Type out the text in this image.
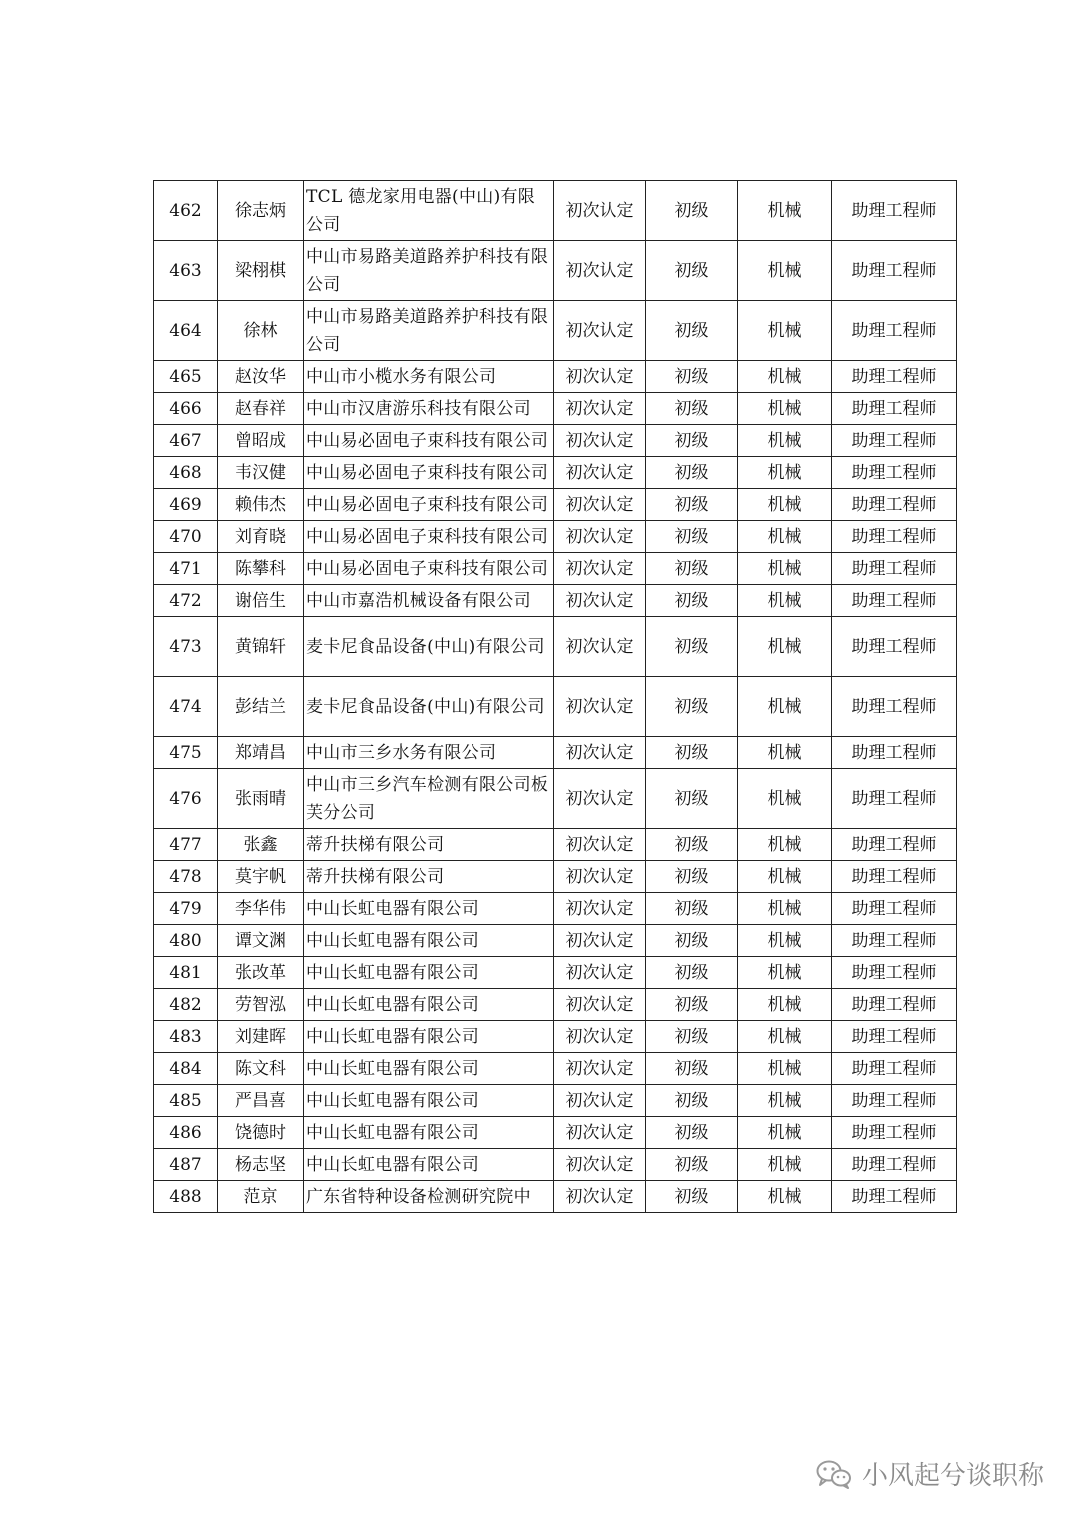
462	徐志炳	TCL 德龙家用电器(中山)有限公司	初次认定	初级	机械	助理工程师
463	梁栩棋	中山市易路美道路养护科技有限公司	初次认定	初级	机械	助理工程师
464	徐林	中山市易路美道路养护科技有限公司	初次认定	初级	机械	助理工程师
465	赵汝华	中山市小榄水务有限公司	初次认定	初级	机械	助理工程师
466	赵春祥	中山市汉唐游乐科技有限公司	初次认定	初级	机械	助理工程师
467	曾昭成	中山易必固电子束科技有限公司	初次认定	初级	机械	助理工程师
468	韦汉健	中山易必固电子束科技有限公司	初次认定	初级	机械	助理工程师
469	赖伟杰	中山易必固电子束科技有限公司	初次认定	初级	机械	助理工程师
470	刘育晓	中山易必固电子束科技有限公司	初次认定	初级	机械	助理工程师
471	陈攀科	中山易必固电子束科技有限公司	初次认定	初级	机械	助理工程师
472	谢倍生	中山市嘉浩机械设备有限公司	初次认定	初级	机械	助理工程师
473	黄锦轩	麦卡尼食品设备(中山)有限公司	初次认定	初级	机械	助理工程师
474	彭结兰	麦卡尼食品设备(中山)有限公司	初次认定	初级	机械	助理工程师
475	郑靖昌	中山市三乡水务有限公司	初次认定	初级	机械	助理工程师
476	张雨晴	中山市三乡汽车检测有限公司板芙分公司	初次认定	初级	机械	助理工程师
477	张鑫	蒂升扶梯有限公司	初次认定	初级	机械	助理工程师
478	莫宇帆	蒂升扶梯有限公司	初次认定	初级	机械	助理工程师
479	李华伟	中山长虹电器有限公司	初次认定	初级	机械	助理工程师
480	谭文渊	中山长虹电器有限公司	初次认定	初级	机械	助理工程师
481	张改革	中山长虹电器有限公司	初次认定	初级	机械	助理工程师
482	劳智泓	中山长虹电器有限公司	初次认定	初级	机械	助理工程师
483	刘建晖	中山长虹电器有限公司	初次认定	初级	机械	助理工程师
484	陈文科	中山长虹电器有限公司	初次认定	初级	机械	助理工程师
485	严昌喜	中山长虹电器有限公司	初次认定	初级	机械	助理工程师
486	饶德时	中山长虹电器有限公司	初次认定	初级	机械	助理工程师
487	杨志坚	中山长虹电器有限公司	初次认定	初级	机械	助理工程师
488	范京	广东省特种设备检测研究院中	初次认定	初级	机械	助理工程师
小风起兮谈职称
